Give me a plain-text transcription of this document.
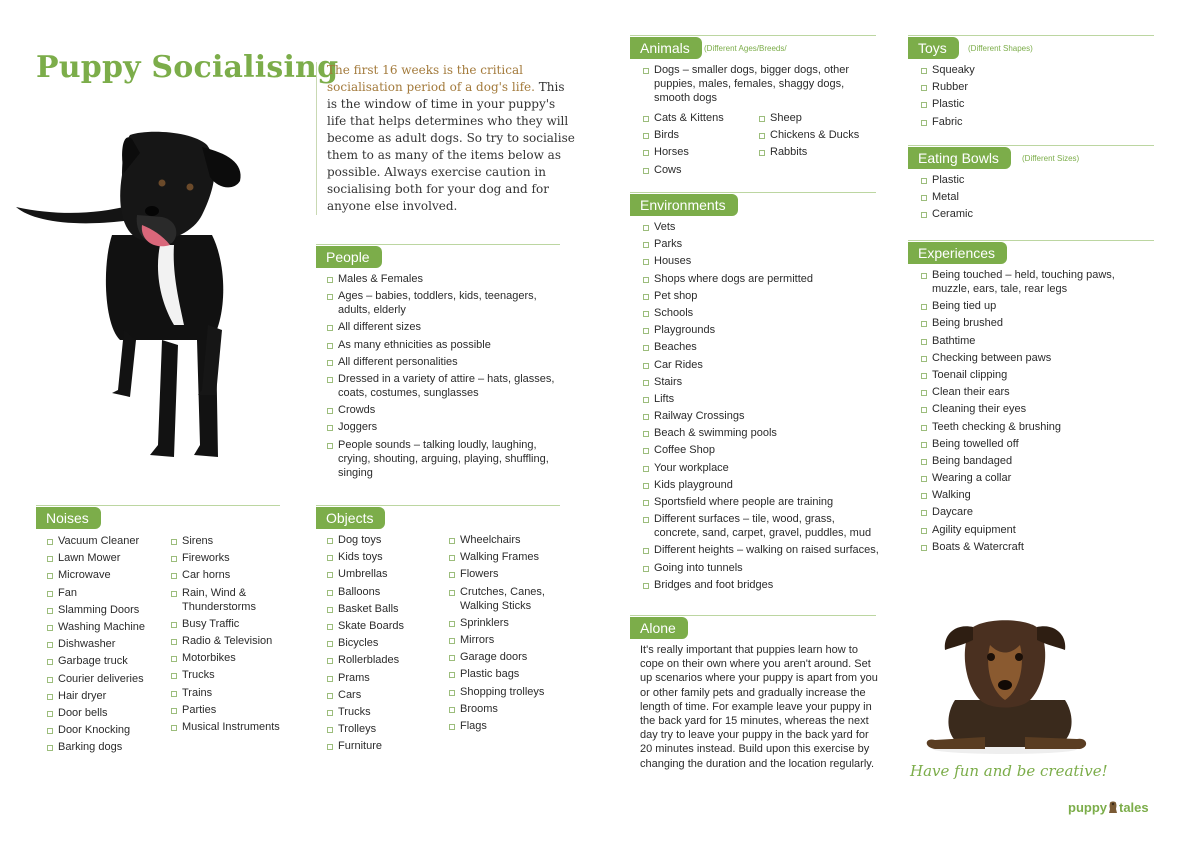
Puppy Socialising
The first 16 weeks is the critical socialisation period of a dog's life. This is the window of time in your puppy's life that helps determines who they will become as adult dogs. So try to socialise them to as many of the items below as possible. Always exercise caution in socialising both for your dog and for anyone else involved.
People
Males & Females
Ages – babies, toddlers, kids, teenagers, adults, elderly
All different sizes
As many ethnicities as possible
All different personalities
Dressed in a variety of attire – hats, glasses, coats, costumes, sunglasses
Crowds
Joggers
People sounds – talking loudly, laughing, crying, shouting, arguing, playing, shuffling, singing
Noises
Vacuum Cleaner
Lawn Mower
Microwave
Fan
Slamming Doors
Washing Machine
Dishwasher
Garbage truck
Courier deliveries
Hair dryer
Door bells
Door Knocking
Barking dogs
Sirens
Fireworks
Car horns
Rain, Wind & Thunderstorms
Busy Traffic
Radio & Television
Motorbikes
Trucks
Trains
Parties
Musical Instruments
Objects
Dog toys
Kids toys
Umbrellas
Balloons
Basket Balls
Skate Boards
Bicycles
Rollerblades
Prams
Cars
Trucks
Trolleys
Furniture
Wheelchairs
Walking Frames
Flowers
Crutches, Canes, Walking Sticks
Sprinklers
Mirrors
Garage doors
Plastic bags
Shopping trolleys
Brooms
Flags
Animals	(Different Ages/Breeds/
Dogs – smaller dogs, bigger dogs, other puppies, males, females, shaggy dogs, smooth dogs
Cats & Kittens
Birds
Horses
Cows
Sheep
Chickens & Ducks
Rabbits
Environments
Vets
Parks
Houses
Shops where dogs are permitted
Pet shop
Schools
Playgrounds
Beaches
Car Rides
Stairs
Lifts
Railway Crossings
Beach & swimming pools
Coffee Shop
Your workplace
Kids playground
Sportsfield where people are training
Different surfaces – tile, wood, grass, concrete, sand, carpet, gravel, puddles, mud
Different heights – walking on raised surfaces,
Going into tunnels
Bridges and foot bridges
Alone
It's really important that puppies learn how to cope on their own where you aren't around. Set up scenarios where your puppy is apart from you or other family pets and gradually increase the length of time. For example leave your puppy in the back yard for 15 minutes, whereas the next day try to leave your puppy in the back yard for 20 minutes instead. Build upon this exercise by changing the duration and the location regularly.
Toys	(Different Shapes)
Squeaky
Rubber
Plastic
Fabric
Eating Bowls	(Different Sizes)
Plastic
Metal
Ceramic
Experiences
Being touched – held, touching paws, muzzle, ears, tale, rear legs
Being tied up
Being brushed
Bathtime
Checking between paws
Toenail clipping
Clean their ears
Cleaning their eyes
Teeth checking & brushing
Being towelled off
Being bandaged
Wearing a collar
Walking
Daycare
Agility equipment
Boats & Watercraft
Have fun and be creative!
puppy tales
